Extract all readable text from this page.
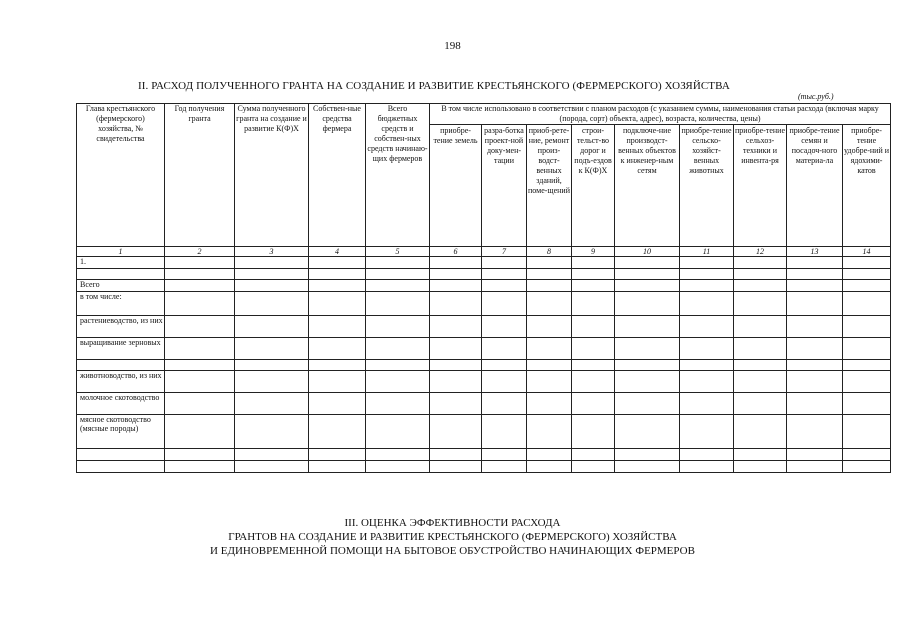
198
II. РАСХОД ПОЛУЧЕННОГО ГРАНТА НА СОЗДАНИЕ И РАЗВИТИЕ КРЕСТЬЯНСКОГО (ФЕРМЕРСКОГО) ХОЗЯЙСТВА
(тыс.руб.)
Глава крестьянского (фермерского) хозяйства, № свидетельства	Год получения гранта	Сумма полученного гранта на создание и развитие К(Ф)Х	Собствен-ные средства фермера	Всего бюджетных средств и собствен-ных средств начинаю-щих фермеров	В том числе использовано в соответствии с планом расходов (с указанием суммы, наименования статьи расхода (включая марку (порода, сорт) объекта, адрес), возраста, количества, цены)								
					приобре-тение земель	разра-ботка проект-ной доку-мен-тации	приоб-рете-ние, ремонт произ-водст-венных зданий, поме-щений	строи-тельст-во дорог и подъ-ездов к К(Ф)Х	подключе-ние производст-венных объектов к инженер-ным сетям	приобре-тение сельско-хозяйст-венных животных	приобре-тение сельхоз-техники и инвента-ря	приобре-тение семян и посадоч-ного материа-ла	приобре-тение удобре-ний и ядохими-катов
1	2	3	4	5	6	7	8	9	10	11	12	13	14
1.													

Всего													
в том числе:													
растениеводство, из них													
выращивание зерновых													

животноводство, из них													
молочное скотоводство													
мясное скотоводство (мясные породы)													

III. ОЦЕНКА ЭФФЕКТИВНОСТИ РАСХОДА
ГРАНТОВ НА СОЗДАНИЕ И РАЗВИТИЕ КРЕСТЬЯНСКОГО (ФЕРМЕРСКОГО) ХОЗЯЙСТВА
И ЕДИНОВРЕМЕННОЙ ПОМОЩИ НА БЫТОВОЕ ОБУСТРОЙСТВО НАЧИНАЮЩИХ ФЕРМЕРОВ
